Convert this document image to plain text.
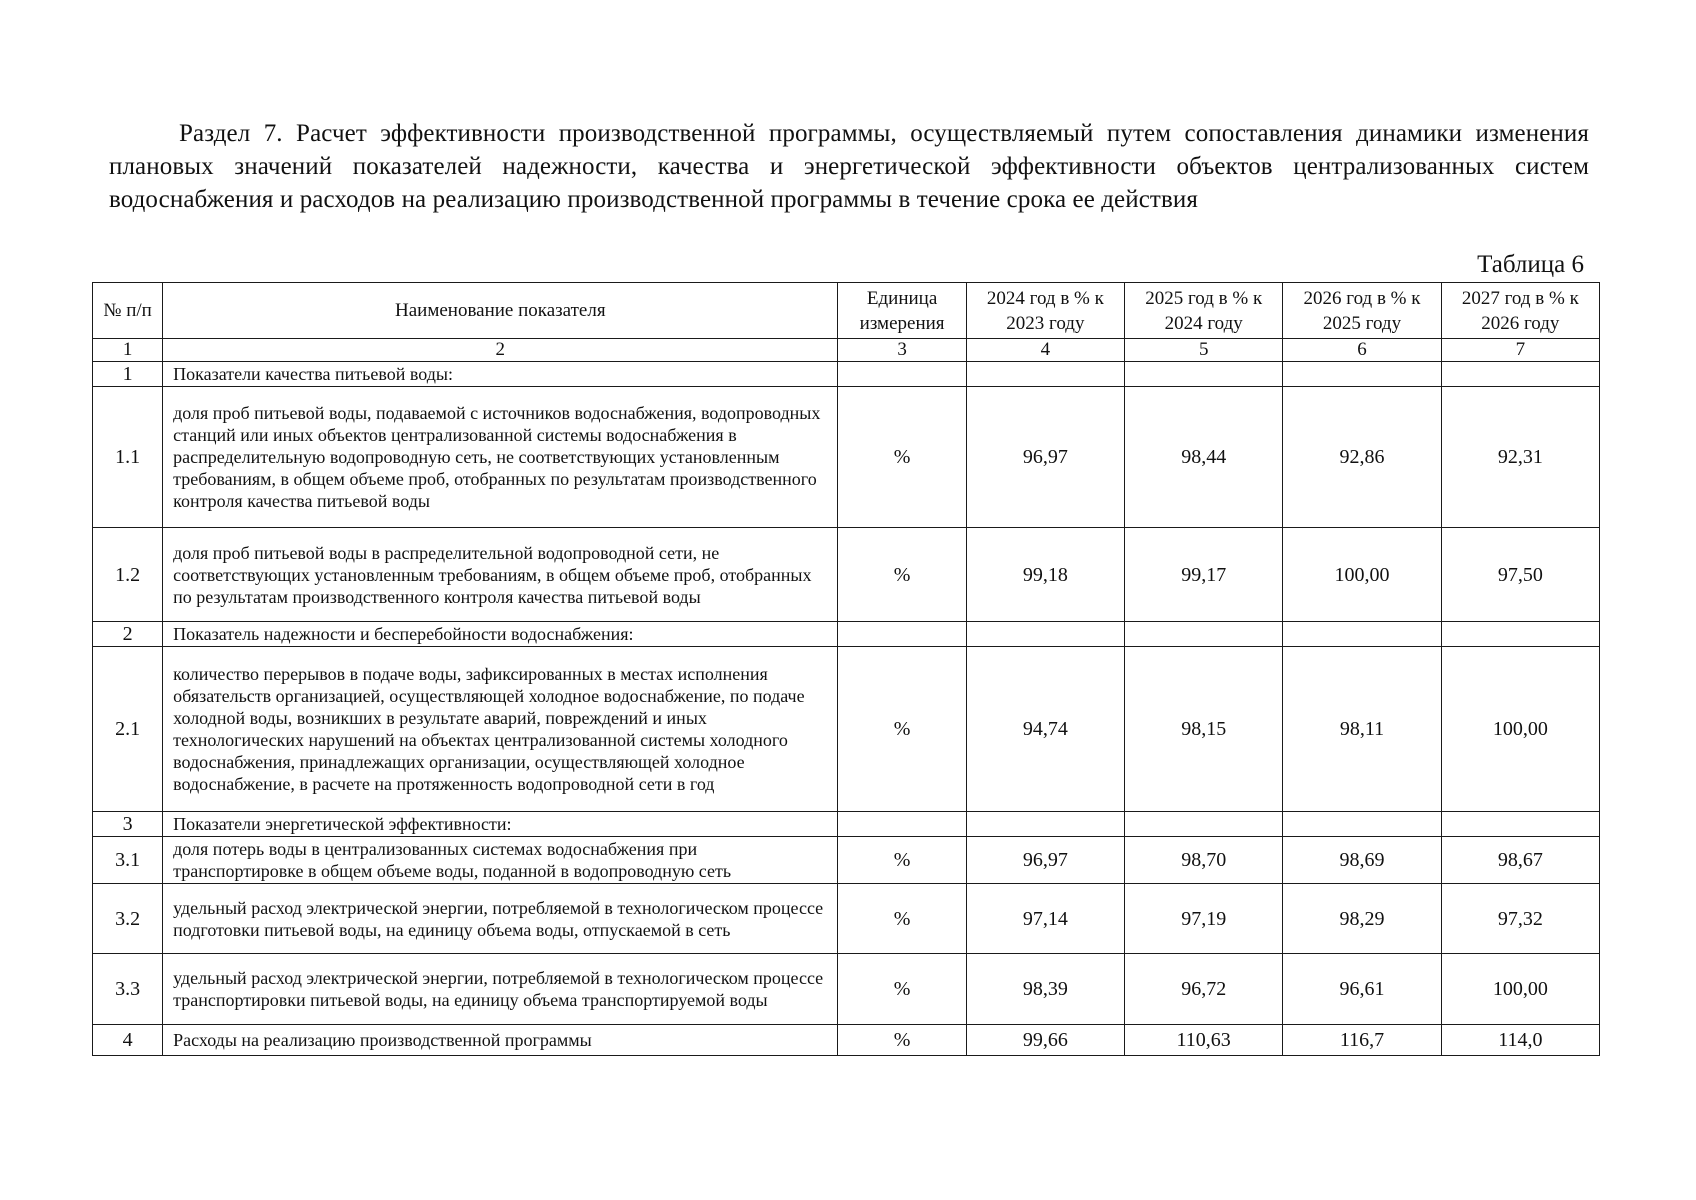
Раздел 7. Расчет эффективности производственной программы, осуществляемый путем сопоставления динамики изменения плановых значений показателей надежности, качества и энергетической эффективности объектов централизованных систем водоснабжения и расходов на реализацию производственной программы в течение срока ее действия
Таблица 6
№ п/п	Наименование показателя	Единица измерения	2024 год в % к 2023 году	2025 год в % к 2024 году	2026 год в % к 2025 году	2027 год в % к 2026 году
1	2	3	4	5	6	7
1	Показатели качества питьевой воды:					
1.1	доля проб питьевой воды, подаваемой с источников водоснабжения, водопроводных станций или иных объектов централизованной системы водоснабжения в распределительную водопроводную сеть, не соответствующих установленным требованиям, в общем объеме проб, отобранных по результатам производственного контроля качества питьевой воды	%	96,97	98,44	92,86	92,31
1.2	доля проб питьевой воды в распределительной водопроводной сети, не соответствующих установленным требованиям, в общем объеме проб, отобранных по результатам производственного контроля качества питьевой воды	%	99,18	99,17	100,00	97,50
2	Показатель надежности и бесперебойности водоснабжения:					
2.1	количество перерывов в подаче воды, зафиксированных в местах исполнения обязательств организацией, осуществляющей холодное водоснабжение, по подаче холодной воды, возникших в результате аварий, повреждений и иных технологических нарушений на объектах централизованной системы холодного водоснабжения, принадлежащих организации, осуществляющей холодное водоснабжение, в расчете на протяженность водопроводной сети в год	%	94,74	98,15	98,11	100,00
3	Показатели энергетической эффективности:					
3.1	доля потерь воды в централизованных системах водоснабжения при транспортировке в общем объеме воды, поданной в водопроводную сеть	%	96,97	98,70	98,69	98,67
3.2	удельный расход электрической энергии, потребляемой в технологическом процессе подготовки питьевой воды, на единицу объема воды, отпускаемой в сеть	%	97,14	97,19	98,29	97,32
3.3	удельный расход электрической энергии, потребляемой в технологическом процессе транспортировки питьевой воды, на единицу объема транспортируемой воды	%	98,39	96,72	96,61	100,00
4	Расходы на реализацию производственной программы	%	99,66	110,63	116,7	114,0
